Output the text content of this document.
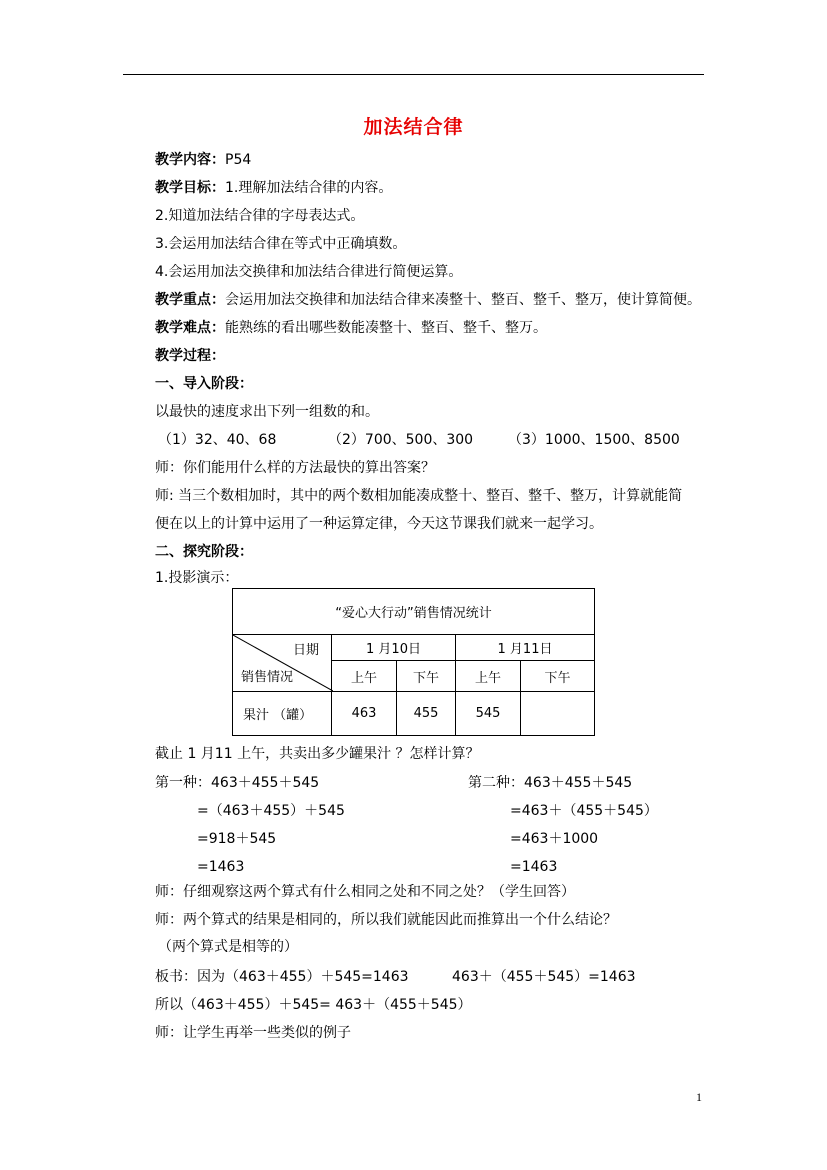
加法结合律
教学内容：P54
教学目标：1.理解加法结合律的内容。
2.知道加法结合律的字母表达式。
3.会运用加法结合律在等式中正确填数。
4.会运用加法交换律和加法结合律进行简便运算。
教学重点：会运用加法交换律和加法结合律来凑整十、整百、整千、整万，使计算简便。
教学难点：能熟练的看出哪些数能凑整十、整百、整千、整万。
教学过程：
一、导入阶段：
以最快的速度求出下列一组数的和。
（1）32、40、68	（2）700、500、300 （3）1000、1500、8500
师：你们能用什么样的方法最快的算出答案？
师: 当三个数相加时，其中的两个数相加能凑成整十、整百、整千、整万，计算就能简
便在以上的计算中运用了一种运算定律，今天这节课我们就来一起学习。
二、探究阶段：
1.投影演示：
“爱心大行动”销售情况统计				

日期
销售情况	1 月10日		1 月11日	
	上午	下午	上午	下午
果汁 （罐）	463	455	545	
截止 1 月11 上午，共卖出多少罐果汁 ？怎样计算？
第一种：463＋455＋545
=（463＋455）＋545
=918＋545
=1463
第二种：463＋455＋545
=463＋（455＋545）
=463＋1000
=1463
师：仔细观察这两个算式有什么相同之处和不同之处？（学生回答）
师：两个算式的结果是相同的，所以我们就能因此而推算出一个什么结论？
（两个算式是相等的）
板书：因为（463＋455）＋545=1463	463＋（455＋545）=1463
所以（463＋455）＋545= 463＋（455＋545）
师：让学生再举一些类似的例子
1
